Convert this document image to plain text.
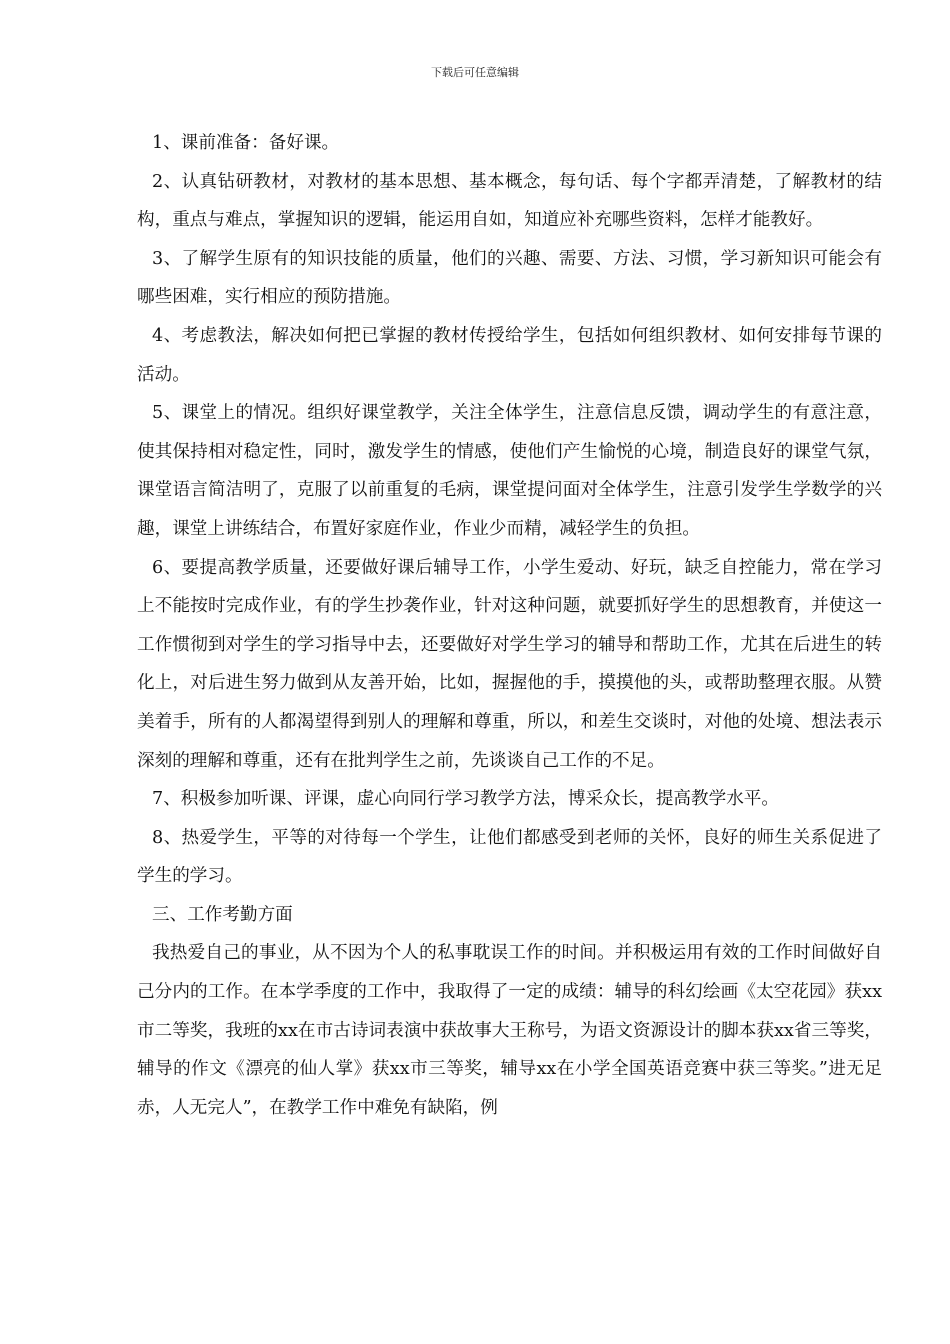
下载后可任意编辑

1、课前准备：备好课。

2、认真钻研教材，对教材的基本思想、基本概念，每句话、每个字都弄清楚，了解教材的结构，重点与难点，掌握知识的逻辑，能运用自如，知道应补充哪些资料，怎样才能教好。

3、了解学生原有的知识技能的质量，他们的兴趣、需要、方法、习惯，学习新知识可能会有哪些困难，实行相应的预防措施。

4、考虑教法，解决如何把已掌握的教材传授给学生，包括如何组织教材、如何安排每节课的活动。

5、课堂上的情况。组织好课堂教学，关注全体学生，注意信息反馈，调动学生的有意注意，使其保持相对稳定性，同时，激发学生的情感，使他们产生愉悦的心境，制造良好的课堂气氛，课堂语言简洁明了，克服了以前重复的毛病，课堂提问面对全体学生，注意引发学生学数学的兴趣，课堂上讲练结合，布置好家庭作业，作业少而精，减轻学生的负担。

6、要提高教学质量，还要做好课后辅导工作，小学生爱动、好玩，缺乏自控能力，常在学习上不能按时完成作业，有的学生抄袭作业，针对这种问题，就要抓好学生的思想教育，并使这一工作惯彻到对学生的学习指导中去，还要做好对学生学习的辅导和帮助工作，尤其在后进生的转化上，对后进生努力做到从友善开始，比如，握握他的手，摸摸他的头，或帮助整理衣服。从赞美着手，所有的人都渴望得到别人的理解和尊重，所以，和差生交谈时，对他的处境、想法表示深刻的理解和尊重，还有在批判学生之前，先谈谈自己工作的不足。

7、积极参加听课、评课，虚心向同行学习教学方法，博采众长，提高教学水平。

8、热爱学生，平等的对待每一个学生，让他们都感受到老师的关怀，良好的师生关系促进了学生的学习。

三、工作考勤方面

我热爱自己的事业，从不因为个人的私事耽误工作的时间。并积极运用有效的工作时间做好自己分内的工作。在本学季度的工作中，我取得了一定的成绩：辅导的科幻绘画《太空花园》获xx市二等奖，我班的xx在市古诗词表演中获故事大王称号，为语文资源设计的脚本获xx省三等奖，辅导的作文《漂亮的仙人掌》获xx市三等奖，辅导xx在小学全国英语竞赛中获三等奖。”进无足赤，人无完人”，在教学工作中难免有缺陷，例
